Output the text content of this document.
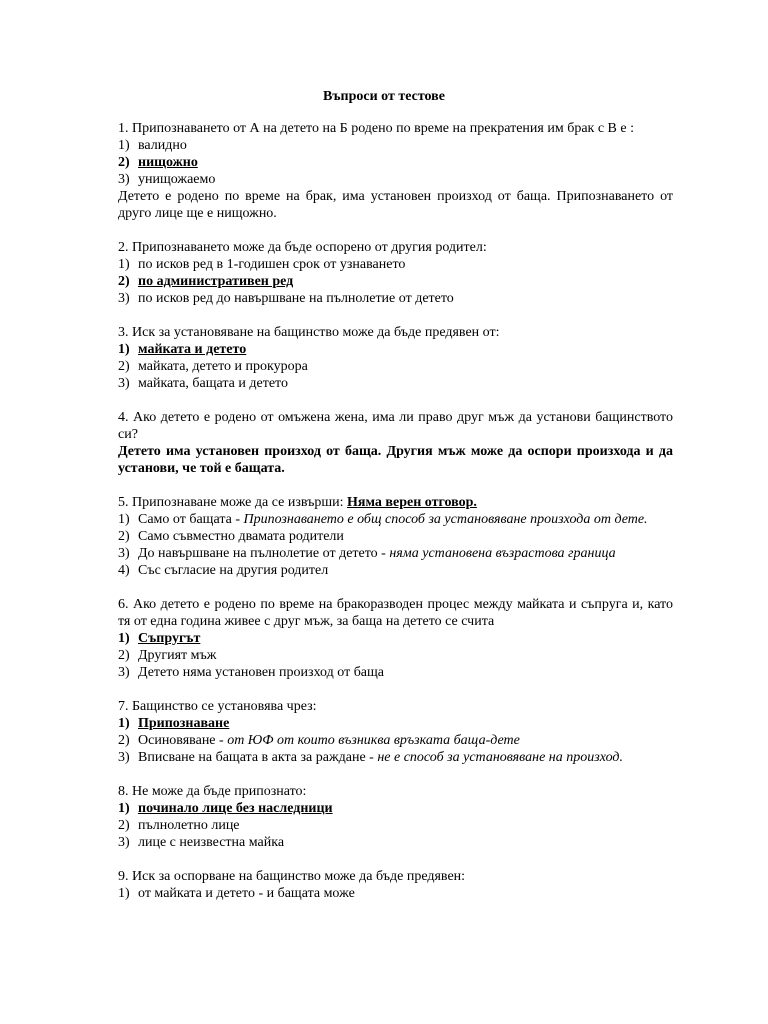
Въпроси от тестове
1. Припознаването от А на детето на Б родено по време на прекратения им брак с В е :
1) валидно
2) нищожно
3) унищожаемо
Детето е родено по време на брак, има установен произход от баща. Припознаването от друго лице ще е нищожно.
2. Припознаването може да бъде оспорено от другия родител:
1) по исков ред в 1-годишен срок от узнаването
2) по административен ред
3) по исков ред до навършване на пълнолетие от детето
3. Иск за установяване на бащинство може да бъде предявен от:
1) майката и детето
2) майката, детето и прокурора
3) майката, бащата и детето
4. Ако детето е родено от омъжена жена, има ли право друг мъж да установи бащинството си?
Детето има установен произход от баща. Другия мъж може да оспори произхода и да установи, че той е бащата.
5. Припознаване може да се извърши: Няма верен отговор.
1) Само от бащата - Припознаването е общ способ за установяване произхода от дете.
2) Само съвместно двамата родители
3) До навършване на пълнолетие от детето - няма установена възрастова граница
4) Със съгласие на другия родител
6. Ако детето е родено по време на бракоразводен процес между майката и съпруга и, като тя от една година живее с друг мъж, за баща на детето се счита
1) Съпругът
2) Другият мъж
3) Детето няма установен произход от баща
7. Бащинство се установява чрез:
1) Припознаване
2) Осиновяване - от ЮФ от които възниква връзката баща-дете
3) Вписване на бащата в акта за раждане - не е способ за установяване на произход.
8. Не може да бъде припознато:
1) починало лице без наследници
2) пълнолетно лице
3) лице с неизвестна майка
9. Иск за оспорване на бащинство може да бъде предявен:
1) от майката и детето - и бащата може
